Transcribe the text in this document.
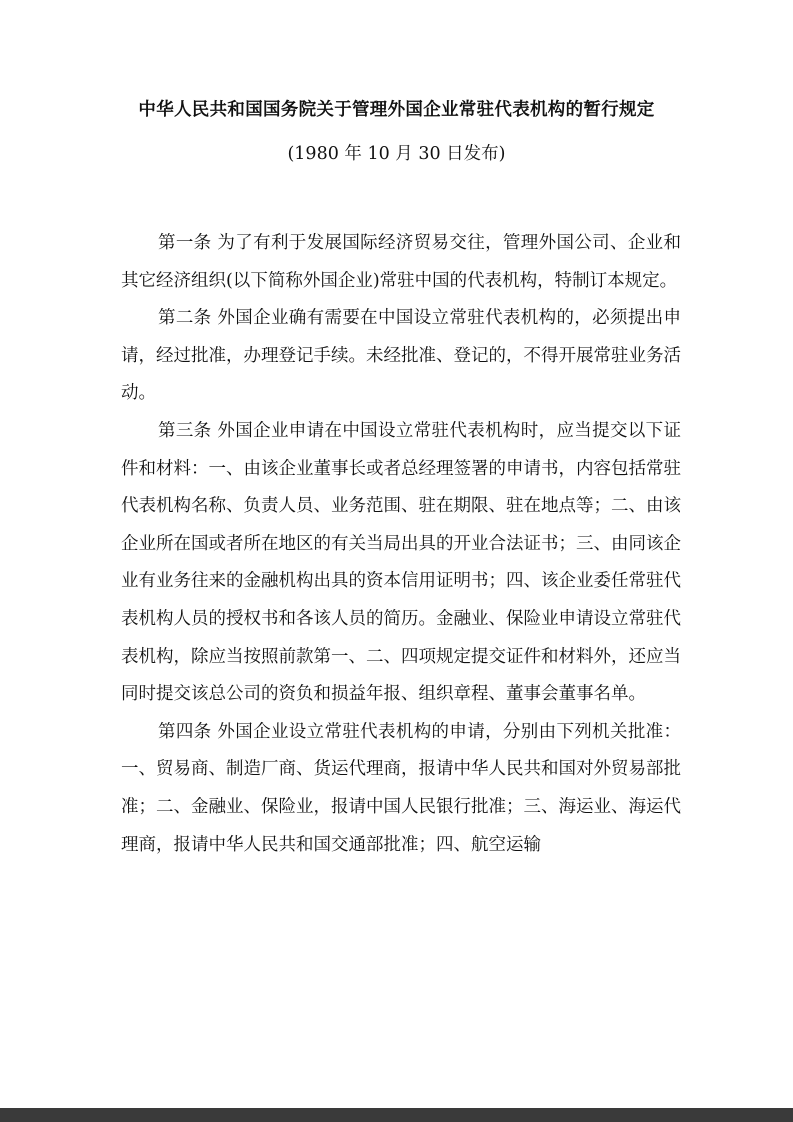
中华人民共和国国务院关于管理外国企业常驻代表机构的暂行规定
(1980 年 10 月 30 日发布)

第一条 为了有利于发展国际经济贸易交往，管理外国公司、企业和其它经济组织(以下简称外国企业)常驻中国的代表机构，特制订本规定。

第二条 外国企业确有需要在中国设立常驻代表机构的，必须提出申请，经过批准，办理登记手续。未经批准、登记的，不得开展常驻业务活动。

第三条 外国企业申请在中国设立常驻代表机构时，应当提交以下证件和材料：一、由该企业董事长或者总经理签署的申请书，内容包括常驻代表机构名称、负责人员、业务范围、驻在期限、驻在地点等；二、由该企业所在国或者所在地区的有关当局出具的开业合法证书；三、由同该企业有业务往来的金融机构出具的资本信用证明书；四、该企业委任常驻代表机构人员的授权书和各该人员的简历。金融业、保险业申请设立常驻代表机构，除应当按照前款第一、二、四项规定提交证件和材料外，还应当同时提交该总公司的资负和损益年报、组织章程、董事会董事名单。

第四条 外国企业设立常驻代表机构的申请，分别由下列机关批准：一、贸易商、制造厂商、货运代理商，报请中华人民共和国对外贸易部批准；二、金融业、保险业，报请中国人民银行批准；三、海运业、海运代理商，报请中华人民共和国交通部批准；四、航空运输
